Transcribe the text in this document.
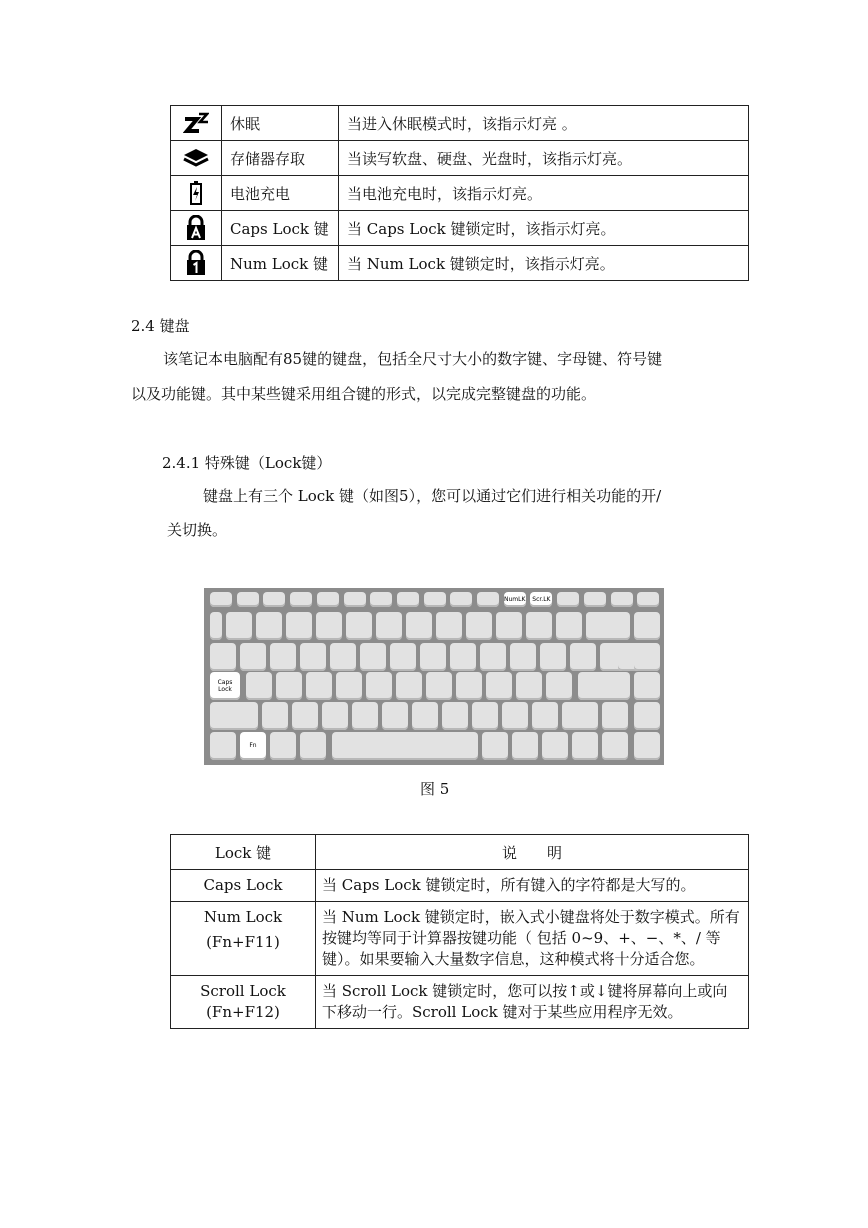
	休眠	当进入休眠模式时，该指示灯亮 。
	存储器存取	当读写软盘、硬盘、光盘时，该指示灯亮。
	电池充电	当电池充电时，该指示灯亮。
	Caps Lock 键	当 Caps Lock 键锁定时，该指示灯亮。
	Num Lock 键	当 Num Lock 键锁定时，该指示灯亮。
2.4 键盘
该笔记本电脑配有85键的键盘，包括全尺寸大小的数字键、字母键、符号键
以及功能键。其中某些键采用组合键的形式，以完成完整键盘的功能。
2.4.1 特殊键（Lock键）
键盘上有三个 Lock 键（如图5），您可以通过它们进行相关功能的开/
关切换。
NumLK	Scr.LK
Caps
Lock
Fn
图 5
Lock 键	说　　明

Caps Lock	当 Caps Lock 键锁定时，所有键入的字符都是大写的。

Num Lock
(Fn+F11)	当 Num Lock 键锁定时，嵌入式小键盘将处于数字模式。所有按键均等同于计算器按键功能（ 包括 0~9、+、−、*、/ 等键）。如果要输入大量数字信息，这种模式将十分适合您。

Scroll Lock
(Fn+F12)	当 Scroll Lock 键锁定时，您可以按↑或↓键将屏幕向上或向下移动一行。Scroll Lock 键对于某些应用程序无效。
